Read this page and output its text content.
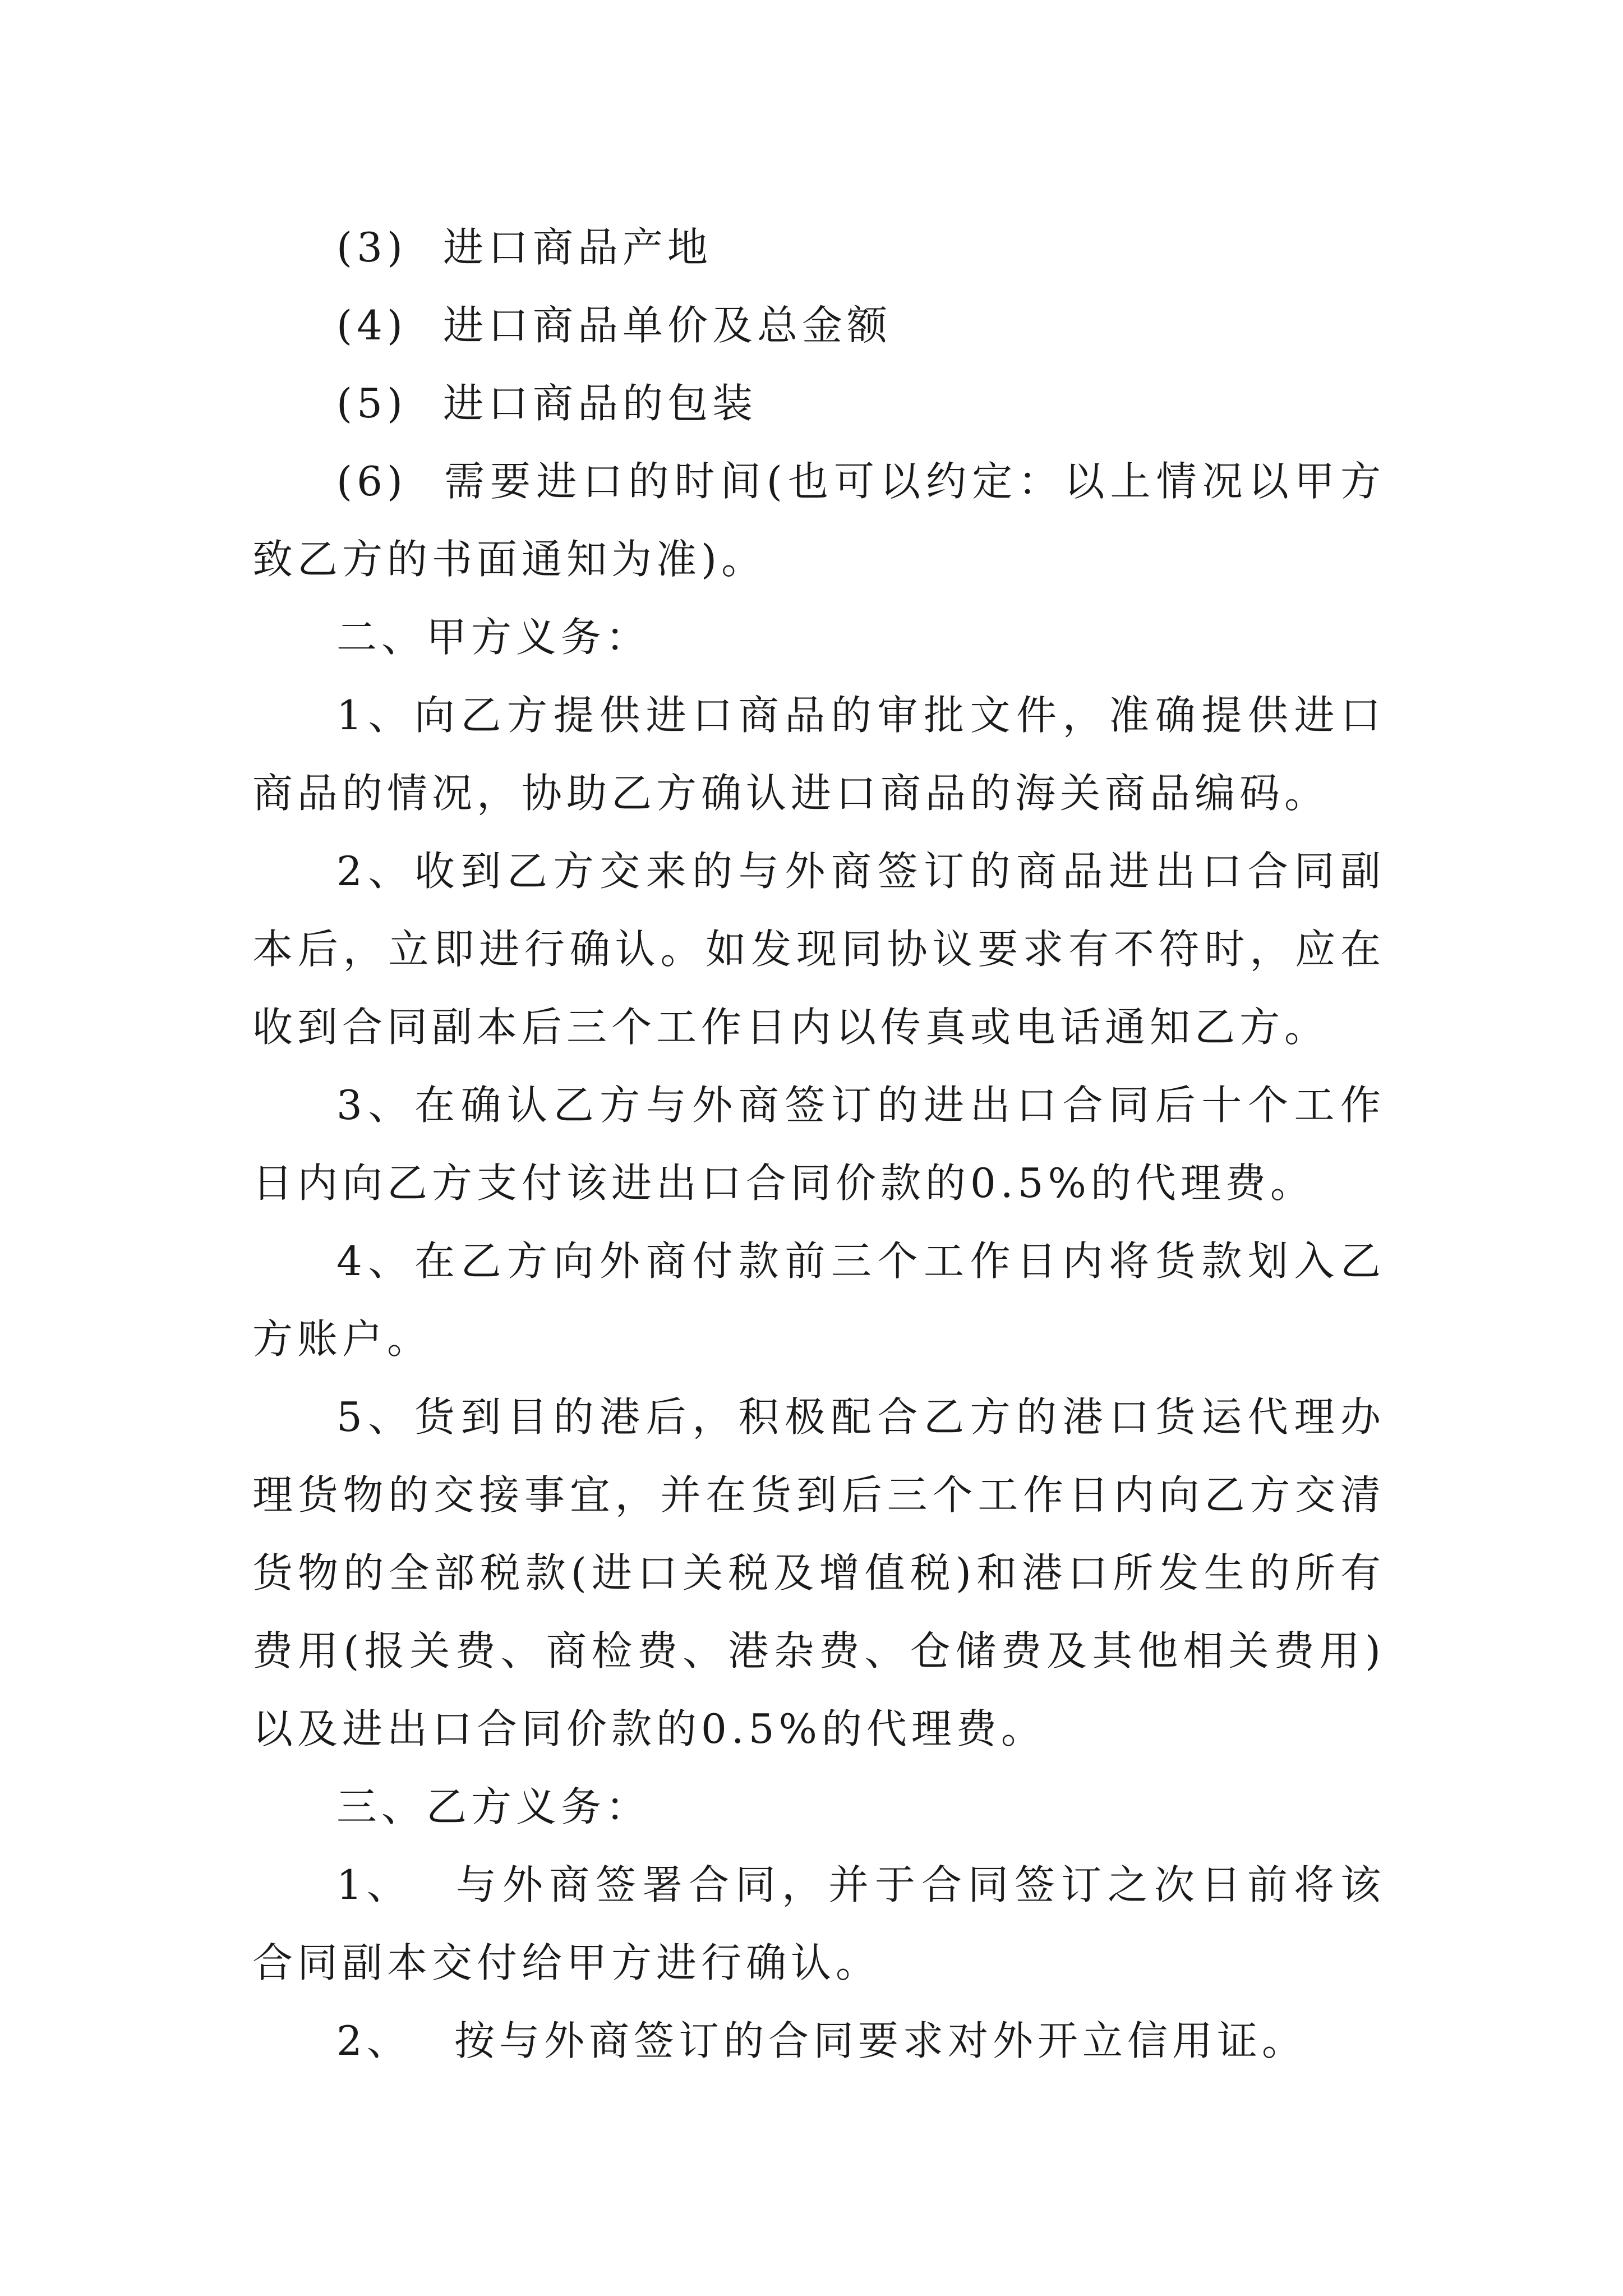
(3) 进口商品产地

(4) 进口商品单价及总金额

(5) 进口商品的包装

(6) 需要进口的时间(也可以约定：以上情况以甲方致乙方的书面通知为准)。

二、甲方义务：

1、向乙方提供进口商品的审批文件，准确提供进口商品的情况，协助乙方确认进口商品的海关商品编码。

2、收到乙方交来的与外商签订的商品进出口合同副本后，立即进行确认。如发现同协议要求有不符时，应在收到合同副本后三个工作日内以传真或电话通知乙方。

3、在确认乙方与外商签订的进出口合同后十个工作日内向乙方支付该进出口合同价款的0.5%的代理费。

4、在乙方向外商付款前三个工作日内将货款划入乙方账户。

5、货到目的港后，积极配合乙方的港口货运代理办理货物的交接事宜，并在货到后三个工作日内向乙方交清货物的全部税款(进口关税及增值税)和港口所发生的所有费用(报关费、商检费、港杂费、仓储费及其他相关费用)以及进出口合同价款的0.5%的代理费。

三、乙方义务：

1、 与外商签署合同，并于合同签订之次日前将该合同副本交付给甲方进行确认。

2、 按与外商签订的合同要求对外开立信用证。
